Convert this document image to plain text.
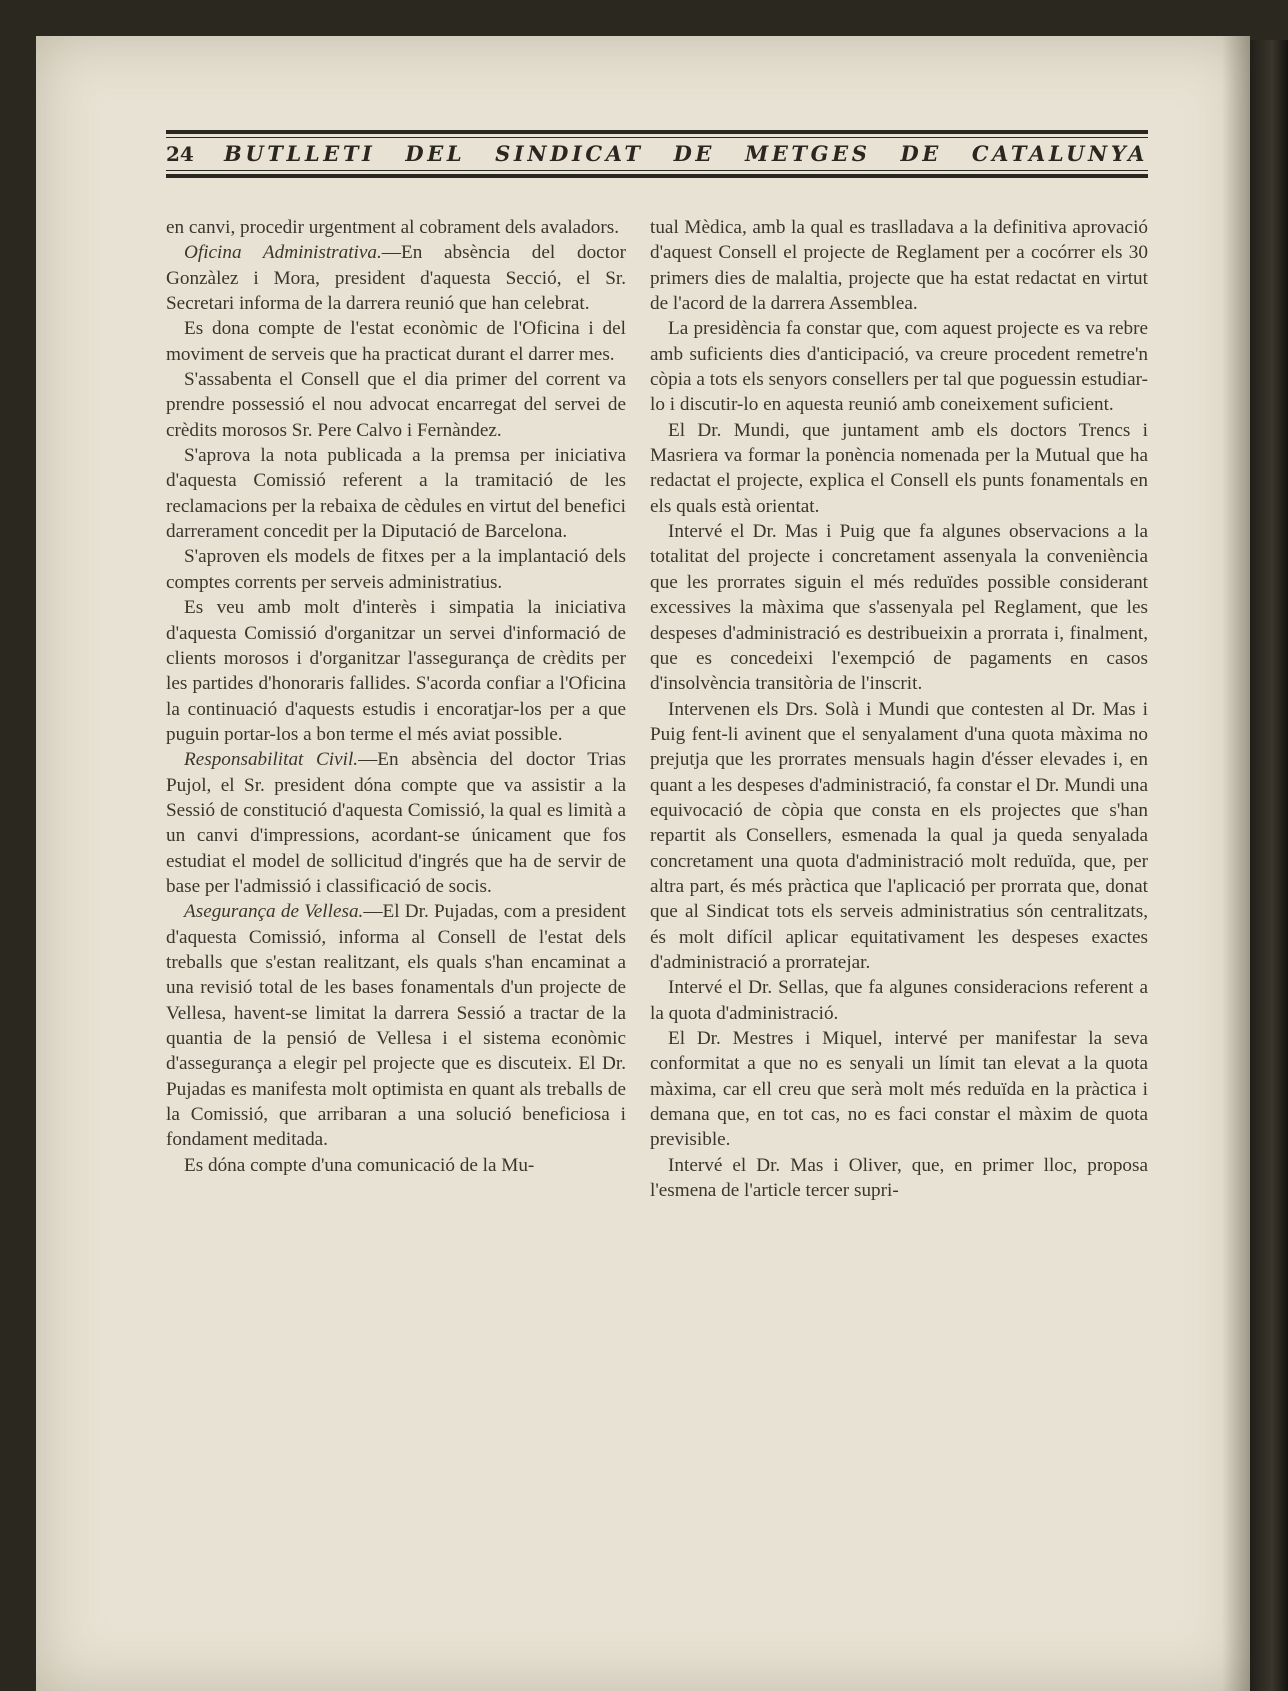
24	BUTLLETI DEL SINDICAT DE METGES DE CATALUNYA

en canvi, procedir urgentment al cobrament dels avaladors.

Oficina Administrativa.—En absència del doctor Gonzàlez i Mora, president d'aquesta Secció, el Sr. Secretari informa de la darrera reunió que han celebrat.

Es dona compte de l'estat econòmic de l'Oficina i del moviment de serveis que ha practicat durant el darrer mes.

S'assabenta el Consell que el dia primer del corrent va prendre possessió el nou advocat encarregat del servei de crèdits morosos Sr. Pere Calvo i Fernàndez.

S'aprova la nota publicada a la premsa per iniciativa d'aquesta Comissió referent a la tramitació de les reclamacions per la rebaixa de cèdules en virtut del benefici darrerament concedit per la Diputació de Barcelona.

S'aproven els models de fitxes per a la implantació dels comptes corrents per serveis administratius.

Es veu amb molt d'interès i simpatia la iniciativa d'aquesta Comissió d'organitzar un servei d'informació de clients morosos i d'organitzar l'assegurança de crèdits per les partides d'honoraris fallides. S'acorda confiar a l'Oficina la continuació d'aquests estudis i encoratjar-los per a que puguin portar-los a bon terme el més aviat possible.

Responsabilitat Civil.—En absència del doctor Trias Pujol, el Sr. president dóna compte que va assistir a la Sessió de constitució d'aquesta Comissió, la qual es limità a un canvi d'impressions, acordant-se únicament que fos estudiat el model de sollicitud d'ingrés que ha de servir de base per l'admissió i classificació de socis.

Asegurança de Vellesa.—El Dr. Pujadas, com a president d'aquesta Comissió, informa al Consell de l'estat dels treballs que s'estan realitzant, els quals s'han encaminat a una revisió total de les bases fonamentals d'un projecte de Vellesa, havent-se limitat la darrera Sessió a tractar de la quantia de la pensió de Vellesa i el sistema econòmic d'assegurança a elegir pel projecte que es discuteix. El Dr. Pujadas es manifesta molt optimista en quant als treballs de la Comissió, que arribaran a una solució beneficiosa i fondament meditada.

Es dóna compte d'una comunicació de la Mu-

tual Mèdica, amb la qual es traslladava a la definitiva aprovació d'aquest Consell el projecte de Reglament per a cocórrer els 30 primers dies de malaltia, projecte que ha estat redactat en virtut de l'acord de la darrera Assemblea.

La presidència fa constar que, com aquest projecte es va rebre amb suficients dies d'anticipació, va creure procedent remetre'n còpia a tots els senyors consellers per tal que poguessin estudiar-lo i discutir-lo en aquesta reunió amb coneixement suficient.

El Dr. Mundi, que juntament amb els doctors Trencs i Masriera va formar la ponència nomenada per la Mutual que ha redactat el projecte, explica el Consell els punts fonamentals en els quals està orientat.

Intervé el Dr. Mas i Puig que fa algunes observacions a la totalitat del projecte i concretament assenyala la conveniència que les prorrates siguin el més reduïdes possible considerant excessives la màxima que s'assenyala pel Reglament, que les despeses d'administració es destribueixin a prorrata i, finalment, que es concedeixi l'exempció de pagaments en casos d'insolvència transitòria de l'inscrit.

Intervenen els Drs. Solà i Mundi que contesten al Dr. Mas i Puig fent-li avinent que el senyalament d'una quota màxima no prejutja que les prorrates mensuals hagin d'ésser elevades i, en quant a les despeses d'administració, fa constar el Dr. Mundi una equivocació de còpia que consta en els projectes que s'han repartit als Consellers, esmenada la qual ja queda senyalada concretament una quota d'administració molt reduïda, que, per altra part, és més pràctica que l'aplicació per prorrata que, donat que al Sindicat tots els serveis administratius són centralitzats, és molt difícil aplicar equitativament les despeses exactes d'administració a prorratejar.

Intervé el Dr. Sellas, que fa algunes consideracions referent a la quota d'administració.

El Dr. Mestres i Miquel, intervé per manifestar la seva conformitat a que no es senyali un límit tan elevat a la quota màxima, car ell creu que serà molt més reduïda en la pràctica i demana que, en tot cas, no es faci constar el màxim de quota previsible.

Intervé el Dr. Mas i Oliver, que, en primer lloc, proposa l'esmena de l'article tercer supri-
